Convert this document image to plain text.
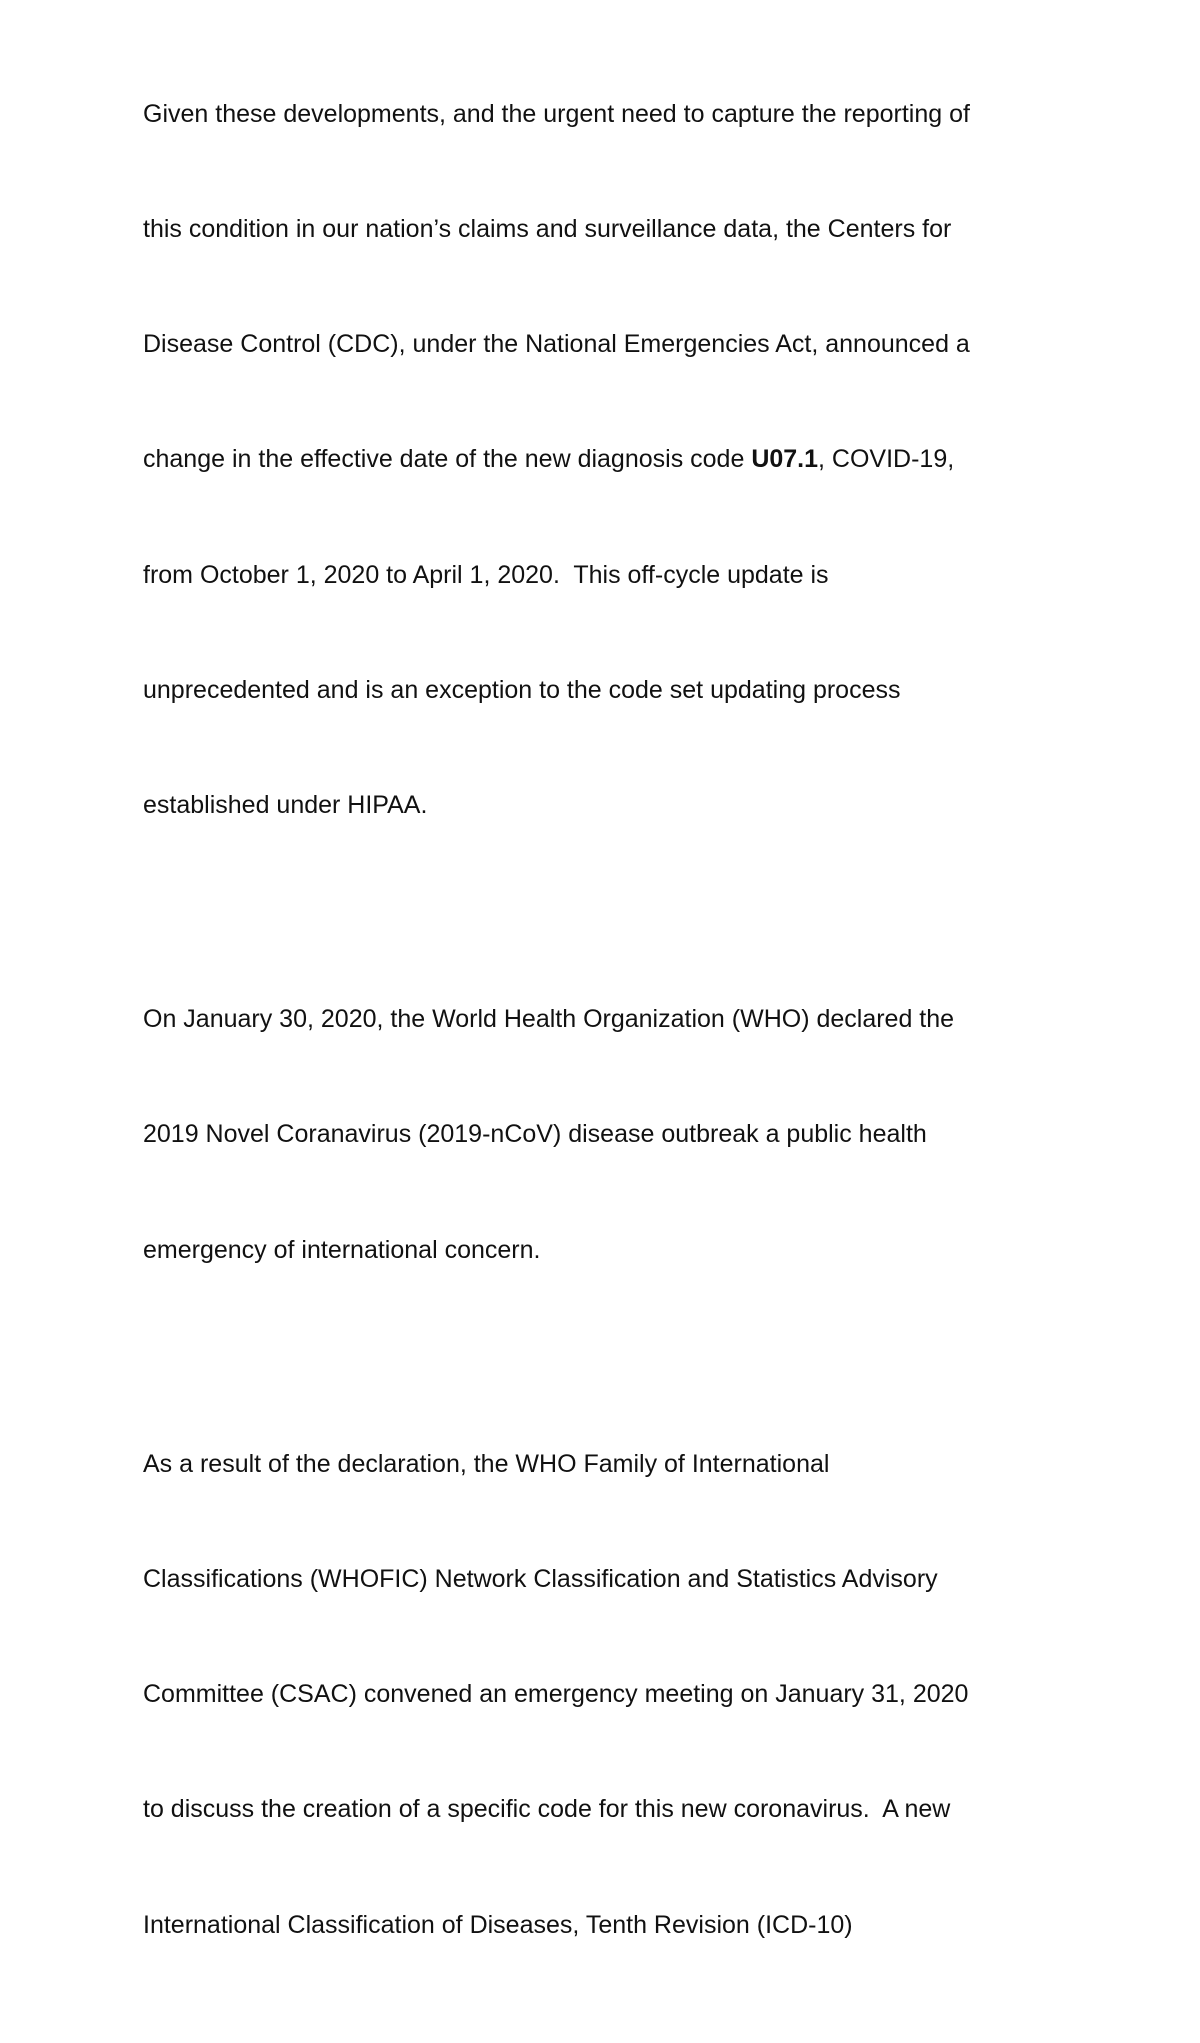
Given these developments, and the urgent need to capture the reporting of

this condition in our nation’s claims and surveillance data, the Centers for

Disease Control (CDC), under the National Emergencies Act, announced a

change in the effective date of the new diagnosis code U07.1, COVID-19,

from October 1, 2020 to April 1, 2020.  This off-cycle update is

unprecedented and is an exception to the code set updating process

established under HIPAA.

On January 30, 2020, the World Health Organization (WHO) declared the

2019 Novel Coranavirus (2019-nCoV) disease outbreak a public health

emergency of international concern.

As a result of the declaration, the WHO Family of International

Classifications (WHOFIC) Network Classification and Statistics Advisory

Committee (CSAC) convened an emergency meeting on January 31, 2020

to discuss the creation of a specific code for this new coronavirus.  A new

International Classification of Diseases, Tenth Revision (ICD-10)
